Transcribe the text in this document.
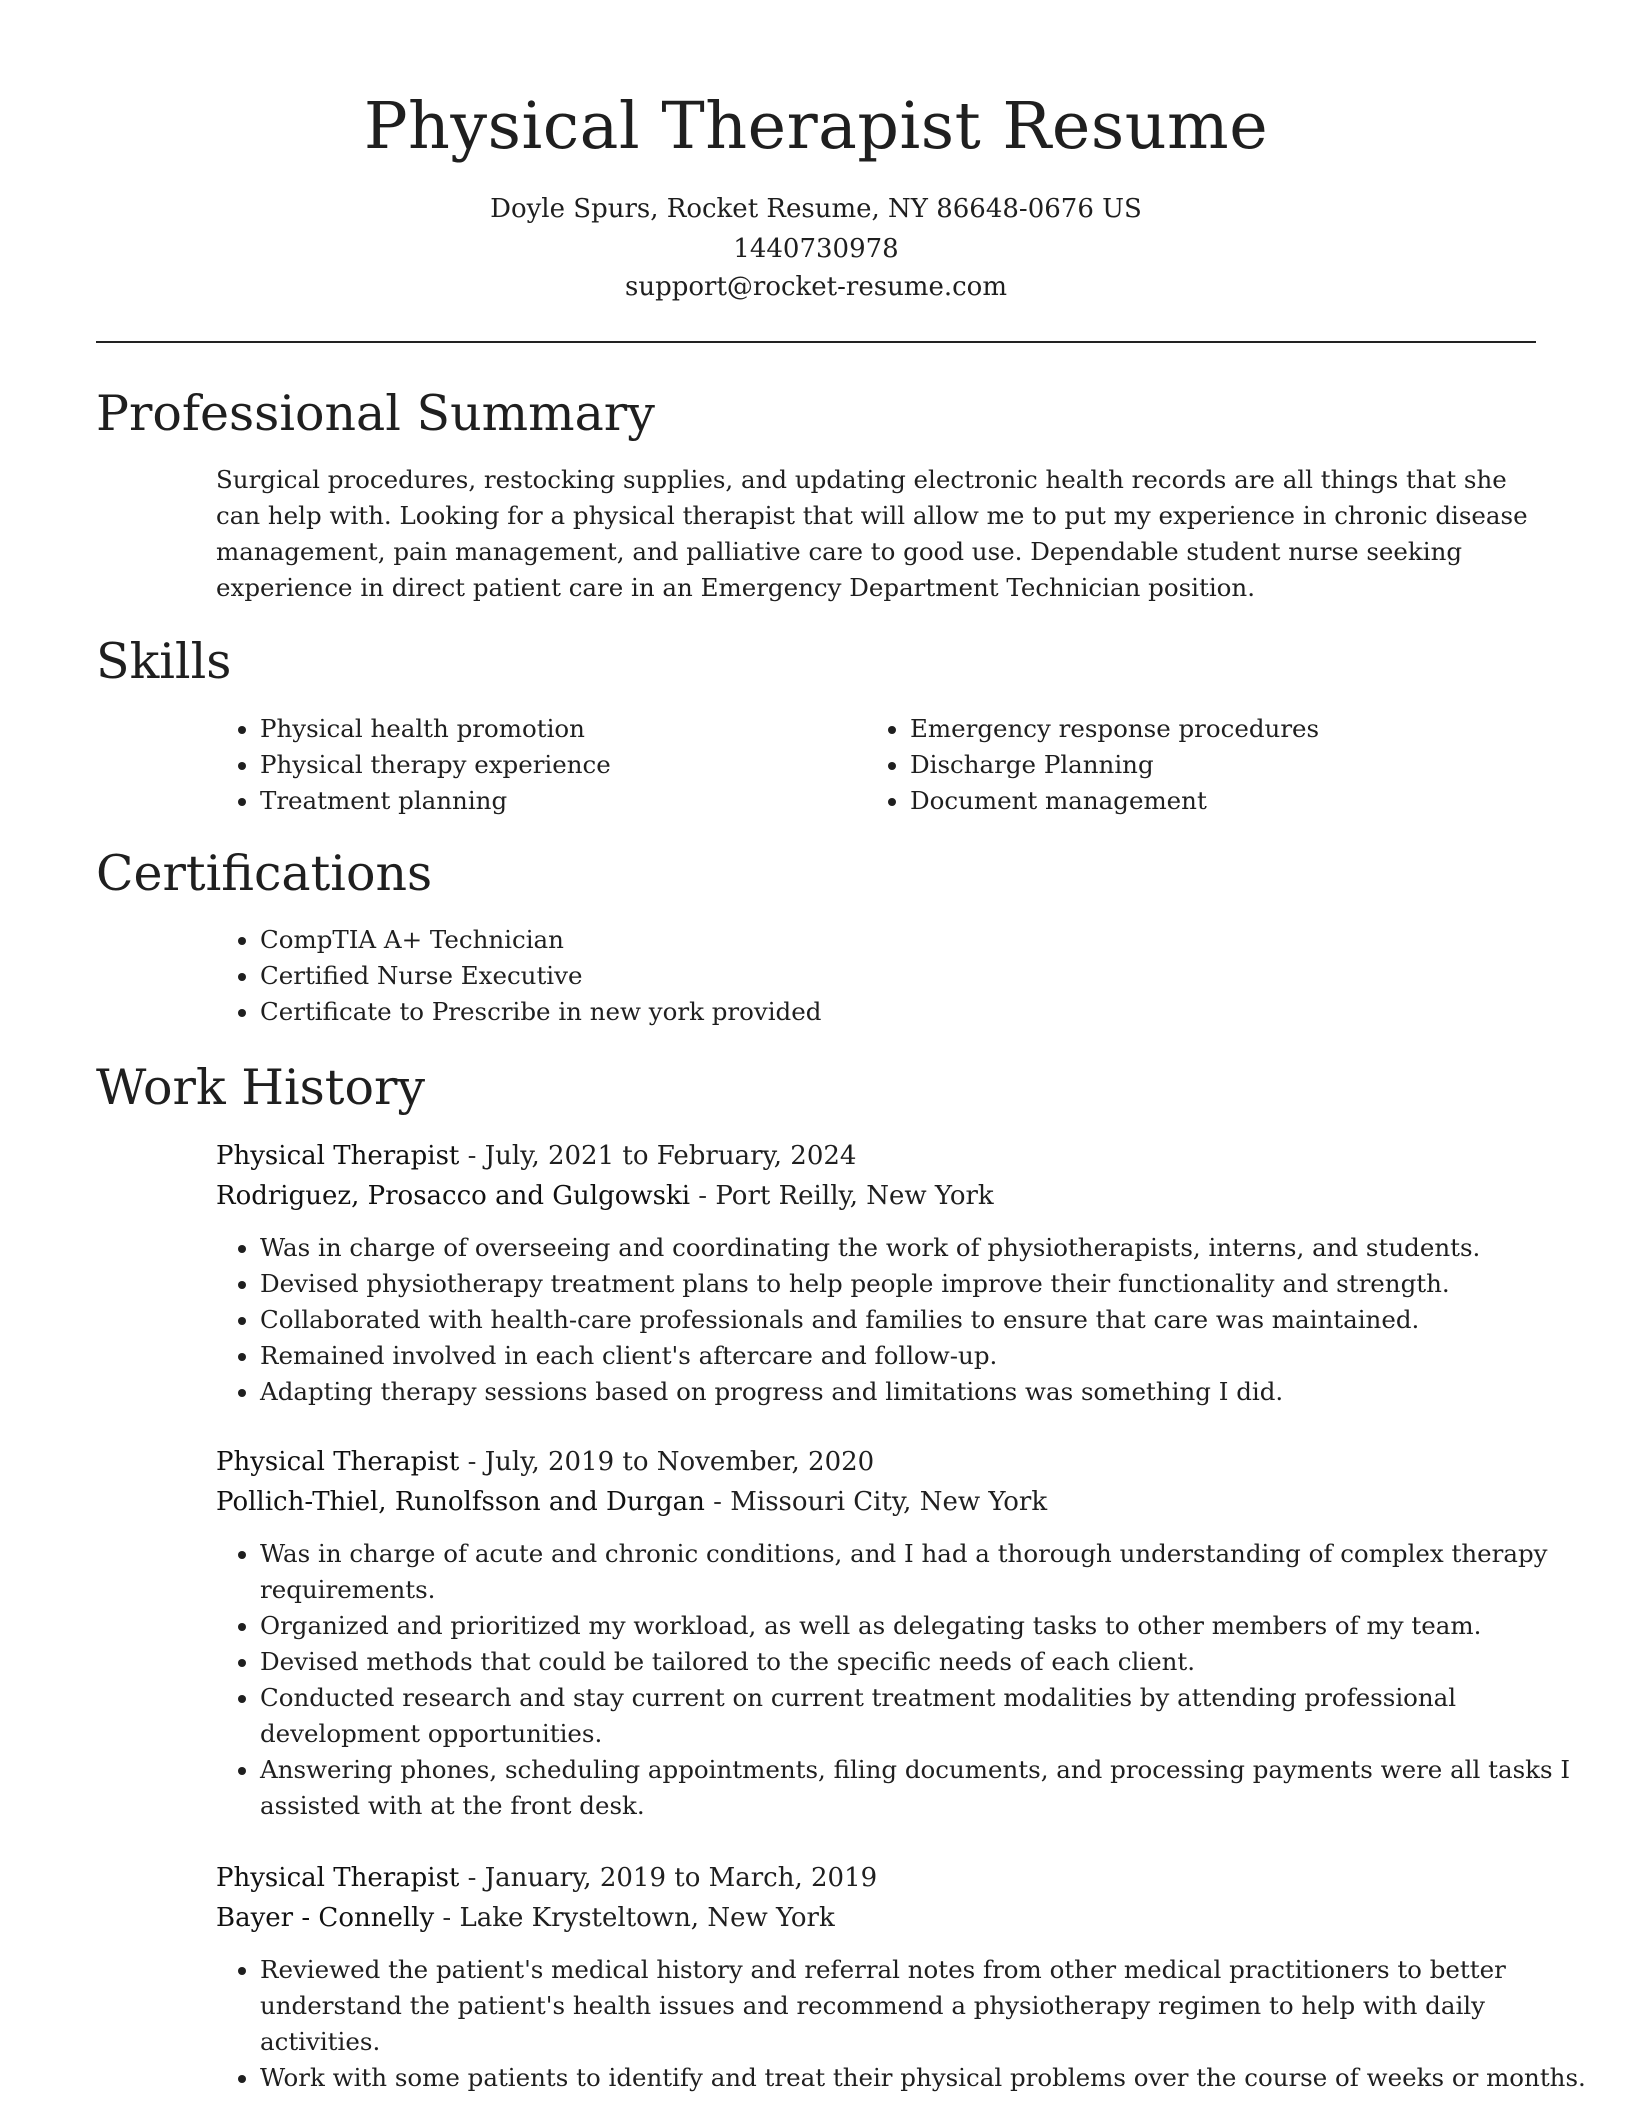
Physical Therapist Resume
Doyle Spurs, Rocket Resume, NY 86648-0676 US
1440730978
support@rocket-resume.com
Professional Summary

Surgical procedures, restocking supplies, and updating electronic health records are all things that she can help with. Looking for a physical therapist that will allow me to put my experience in chronic disease management, pain management, and palliative care to good use. Dependable student nurse seeking experience in direct patient care in an Emergency Department Technician position.

Skills
• Physical health promotion
• Physical therapy experience
• Treatment planning
• Emergency response procedures
• Discharge Planning
• Document management
Certifications
• CompTIA A+ Technician
• Certified Nurse Executive
• Certificate to Prescribe in new york provided
Work History
Physical Therapist - July, 2021 to February, 2024
Rodriguez, Prosacco and Gulgowski - Port Reilly, New York
• Was in charge of overseeing and coordinating the work of physiotherapists, interns, and students.
• Devised physiotherapy treatment plans to help people improve their functionality and strength.
• Collaborated with health-care professionals and families to ensure that care was maintained.
• Remained involved in each client's aftercare and follow-up.
• Adapting therapy sessions based on progress and limitations was something I did.
Physical Therapist - July, 2019 to November, 2020
Pollich-Thiel, Runolfsson and Durgan - Missouri City, New York
• Was in charge of acute and chronic conditions, and I had a thorough understanding of complex therapy requirements.
• Organized and prioritized my workload, as well as delegating tasks to other members of my team.
• Devised methods that could be tailored to the specific needs of each client.
• Conducted research and stay current on current treatment modalities by attending professional development opportunities.
• Answering phones, scheduling appointments, filing documents, and processing payments were all tasks I assisted with at the front desk.
Physical Therapist - January, 2019 to March, 2019
Bayer - Connelly - Lake Krysteltown, New York
• Reviewed the patient's medical history and referral notes from other medical practitioners to better understand the patient's health issues and recommend a physiotherapy regimen to help with daily activities.
• Work with some patients to identify and treat their physical problems over the course of weeks or months.
